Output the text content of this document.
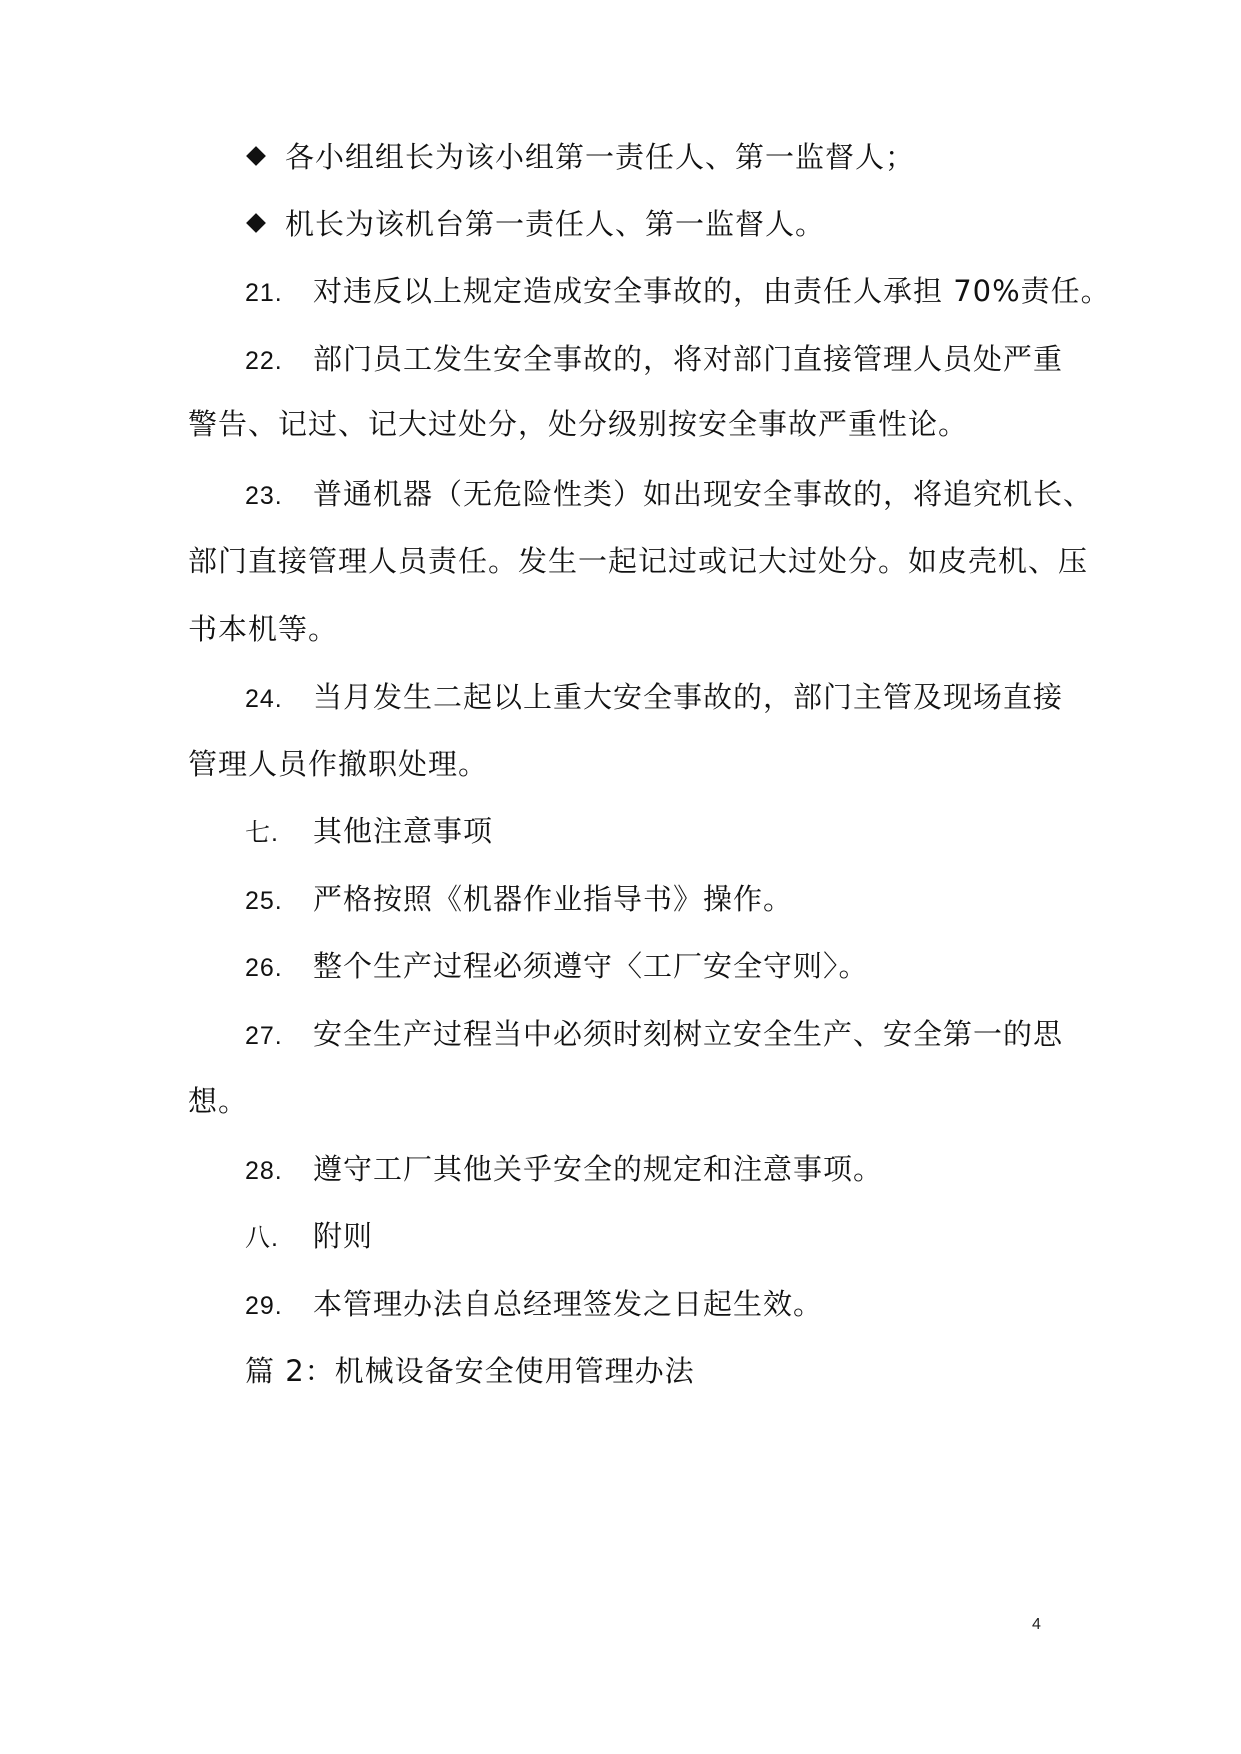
各小组组长为该小组第一责任人、第一监督人；
机长为该机台第一责任人、第一监督人。
21. 对违反以上规定造成安全事故的，由责任人承担 70%责任。
22. 部门员工发生安全事故的，将对部门直接管理人员处严重
警告、记过、记大过处分，处分级别按安全事故严重性论。
23. 普通机器（无危险性类）如出现安全事故的，将追究机长、
部门直接管理人员责任。发生一起记过或记大过处分。如皮壳机、压
书本机等。
24. 当月发生二起以上重大安全事故的，部门主管及现场直接
管理人员作撤职处理。
七. 其他注意事项
25. 严格按照《机器作业指导书》操作。
26. 整个生产过程必须遵守〈工厂安全守则〉。
27. 安全生产过程当中必须时刻树立安全生产、安全第一的思
想。
28. 遵守工厂其他关乎安全的规定和注意事项。
八. 附则
29. 本管理办法自总经理签发之日起生效。
篇 2：机械设备安全使用管理办法
4
